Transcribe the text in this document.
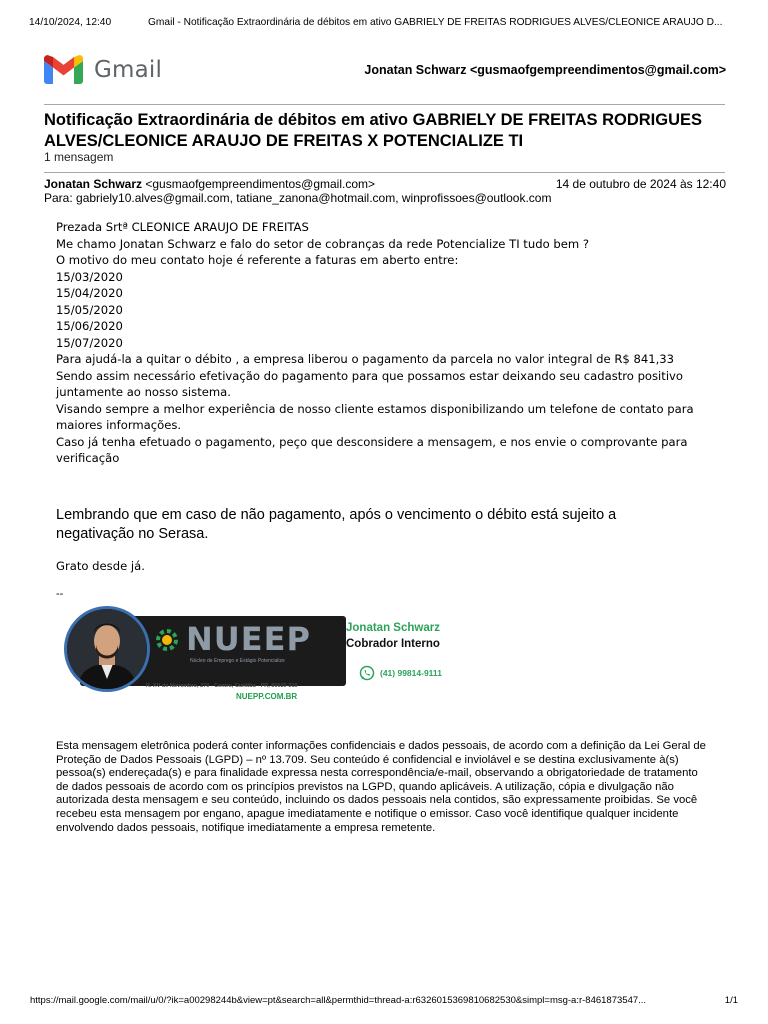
14/10/2024, 12:40	Gmail - Notificação Extraordinária de débitos em ativo GABRIELY DE FREITAS RODRIGUES ALVES/CLEONICE ARAUJO D...
Gmail	Jonatan Schwarz <gusmaofgempreendimentos@gmail.com>
Notificação Extraordinária de débitos em ativo GABRIELY DE FREITAS RODRIGUES ALVES/CLEONICE ARAUJO DE FREITAS X POTENCIALIZE TI
1 mensagem
Jonatan Schwarz <gusmaofgempreendimentos@gmail.com>	14 de outubro de 2024 às 12:40
Para: gabriely10.alves@gmail.com, tatiane_zanona@hotmail.com, winprofissoes@outlook.com

Prezada Srtª CLEONICE ARAUJO DE FREITAS

Me chamo Jonatan Schwarz e falo do setor de cobranças da rede Potencialize TI tudo bem ?

O motivo do meu contato hoje é referente a faturas em aberto entre:

15/03/2020

15/04/2020

15/05/2020

15/06/2020

15/07/2020

Para ajudá-la a quitar o débito , a empresa liberou o pagamento da parcela no valor integral de R$ 841,33

Sendo assim necessário efetivação do pagamento para que possamos estar deixando seu cadastro positivo juntamente ao nosso sistema.

Visando sempre a melhor experiência de nosso cliente estamos disponibilizando um telefone de contato para maiores informações.

Caso já tenha efetuado o pagamento, peço que desconsidere a mensagem, e nos envie o comprovante para verificação

Lembrando que em caso de não pagamento, após o vencimento o débito está sujeito a negativação no Serasa.
Grato desde já.
--
NUEEP
Núcleo de Emprego e Estágio Potencialize
R. XV de Novembro, 270 - Centro, Curitiba - PR, 80020-310
NUEPP.COM.BR
Jonatan Schwarz
Cobrador Interno
(41) 99814-9111

Esta mensagem eletrônica poderá conter informações confidenciais e dados pessoais, de acordo com a definição da Lei Geral de Proteção de Dados Pessoais (LGPD) – nº 13.709. Seu conteúdo é confidencial e inviolável e se destina exclusivamente à(s) pessoa(s) endereçada(s) e para finalidade expressa nesta correspondência/e-mail, observando a obrigatoriedade de tratamento de dados pessoais de acordo com os princípios previstos na LGPD, quando aplicáveis. A utilização, cópia e divulgação não autorizada desta mensagem e seu conteúdo, incluindo os dados pessoais nela contidos, são expressamente proibidas. Se você recebeu esta mensagem por engano, apague imediatamente e notifique o emissor. Caso você identifique qualquer incidente envolvendo dados pessoais, notifique imediatamente a empresa remetente.

https://mail.google.com/mail/u/0/?ik=a00298244b&view=pt&search=all&permthid=thread-a:r6326015369810682530&simpl=msg-a:r-8461873547...	1/1
